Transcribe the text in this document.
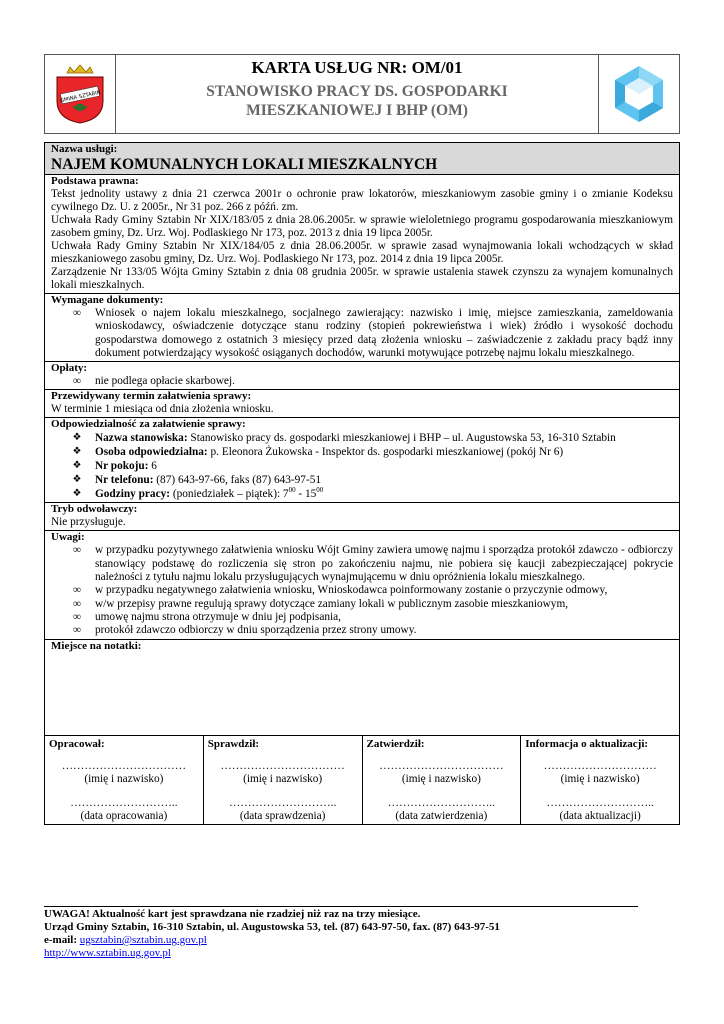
GMINA SZTABIN
KARTA USŁUG NR: OM/01
STANOWISKO PRACY DS. GOSPODARKI
MIESZKANIOWEJ I BHP (OM)
Nazwa usługi:
NAJEM KOMUNALNYCH LOKALI MIESZKALNYCH
Podstawa prawna:
Tekst jednolity ustawy z dnia 21 czerwca 2001r o ochronie praw lokatorów, mieszkaniowym zasobie gminy i o zmianie Kodeksu cywilnego Dz. U. z 2005r., Nr 31 poz. 266 z późń. zm.
Uchwała Rady Gminy Sztabin Nr XIX/183/05 z dnia 28.06.2005r. w sprawie wieloletniego programu gospodarowania mieszkaniowym zasobem gminy, Dz. Urz. Woj. Podlaskiego Nr 173, poz. 2013 z dnia 19 lipca 2005r.
Uchwała Rady Gminy Sztabin Nr XIX/184/05 z dnia 28.06.2005r. w sprawie zasad wynajmowania lokali wchodzących w skład mieszkaniowego zasobu gminy, Dz. Urz. Woj. Podlaskiego Nr 173, poz. 2014 z dnia 19 lipca 2005r.
Zarządzenie Nr 133/05 Wójta Gminy Sztabin z dnia 08 grudnia 2005r. w sprawie ustalenia stawek czynszu za wynajem komunalnych lokali mieszkalnych.
Wymagane dokumenty:
∞	Wniosek o najem lokalu mieszkalnego, socjalnego zawierający: nazwisko i imię, miejsce zamieszkania, zameldowania wnioskodawcy, oświadczenie dotyczące stanu rodziny (stopień pokrewieństwa i wiek) źródło i wysokość dochodu gospodarstwa domowego z ostatnich 3 miesięcy przed datą złożenia wniosku – zaświadczenie z zakładu pracy bądź inny dokument potwierdzający wysokość osiąganych dochodów, warunki motywujące potrzebę najmu lokalu mieszkalnego.
Opłaty:
∞	nie podlega opłacie skarbowej.
Przewidywany termin załatwienia sprawy:
W terminie 1 miesiąca od dnia złożenia wniosku.
Odpowiedzialność za załatwienie sprawy:
❖	Nazwa stanowiska: Stanowisko pracy ds. gospodarki mieszkaniowej i BHP – ul. Augustowska 53, 16-310 Sztabin
❖	Osoba odpowiedzialna: p. Eleonora Żukowska - Inspektor ds. gospodarki mieszkaniowej (pokój Nr 6)
❖	Nr pokoju: 6
❖	Nr telefonu: (87) 643-97-66, faks (87) 643-97-51
❖	Godziny pracy: (poniedziałek – piątek): $7^{00} - 15^{00}$
Tryb odwoławczy:
Nie przysługuje.
Uwagi:
∞	w przypadku pozytywnego załatwienia wniosku Wójt Gminy zawiera umowę najmu i sporządza protokół zdawczo - odbiorczy stanowiący podstawę do rozliczenia się stron po zakończeniu najmu, nie pobiera się kaucji zabezpieczającej pokrycie należności z tytułu najmu lokalu przysługujących wynajmującemu w dniu opróżnienia lokalu mieszkalnego.
∞	w przypadku negatywnego załatwienia wniosku, Wnioskodawca poinformowany zostanie o przyczynie odmowy,
∞	w/w przepisy prawne regulują sprawy dotyczące zamiany lokali w publicznym zasobie mieszkaniowym,
∞	umowę najmu strona otrzymuje w dniu jej podpisania,
∞	protokół zdawczo odbiorczy w dniu sporządzenia przez strony umowy.
Miejsce na notatki:
Opracował:
……………………………
(imię i nazwisko)
………………………..
(data opracowania)
Sprawdził:
……………………………
(imię i nazwisko)
………………………..
(data sprawdzenia)
Zatwierdził:
……………………………
(imię i nazwisko)
………………………..
(data zatwierdzenia)
Informacja o aktualizacji:
…………………………
(imię i nazwisko)
………………………..
(data aktualizacji)
UWAGA! Aktualność kart jest sprawdzana nie rzadziej niż raz na trzy miesiące.
Urząd Gminy Sztabin, 16-310 Sztabin, ul. Augustowska 53, tel. (87) 643-97-50, fax. (87) 643-97-51
e-mail: ugsztabin@sztabin.ug.gov.pl
http://www.sztabin.ug.gov.pl
